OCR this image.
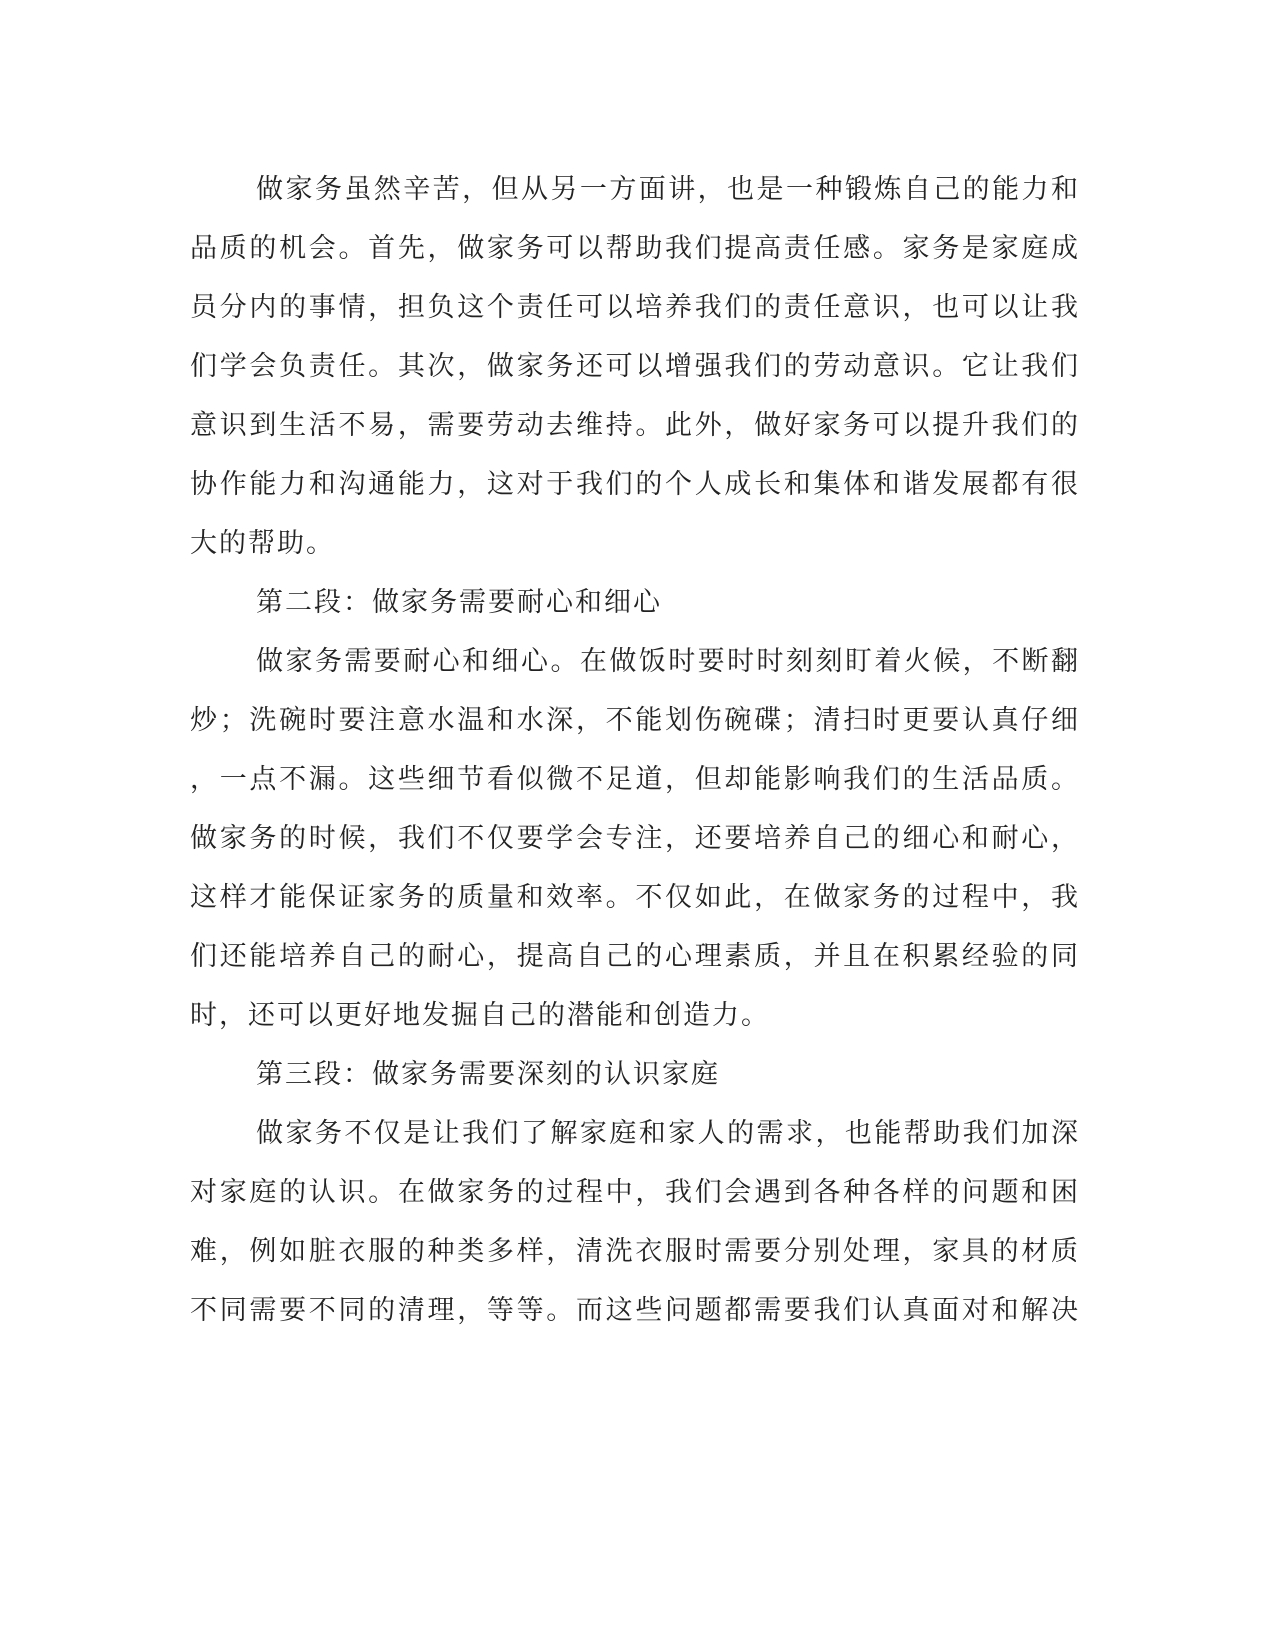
做家务虽然辛苦，但从另一方面讲，也是一种锻炼自己的能力和
品质的机会。首先，做家务可以帮助我们提高责任感。家务是家庭成
员分内的事情，担负这个责任可以培养我们的责任意识，也可以让我
们学会负责任。其次，做家务还可以增强我们的劳动意识。它让我们
意识到生活不易，需要劳动去维持。此外，做好家务可以提升我们的
协作能力和沟通能力，这对于我们的个人成长和集体和谐发展都有很
大的帮助。
第二段：做家务需要耐心和细心
做家务需要耐心和细心。在做饭时要时时刻刻盯着火候，不断翻
炒；洗碗时要注意水温和水深，不能划伤碗碟；清扫时更要认真仔细
，一点不漏。这些细节看似微不足道，但却能影响我们的生活品质。
做家务的时候，我们不仅要学会专注，还要培养自己的细心和耐心，
这样才能保证家务的质量和效率。不仅如此，在做家务的过程中，我
们还能培养自己的耐心，提高自己的心理素质，并且在积累经验的同
时，还可以更好地发掘自己的潜能和创造力。
第三段：做家务需要深刻的认识家庭
做家务不仅是让我们了解家庭和家人的需求，也能帮助我们加深
对家庭的认识。在做家务的过程中，我们会遇到各种各样的问题和困
难，例如脏衣服的种类多样，清洗衣服时需要分别处理，家具的材质
不同需要不同的清理，等等。而这些问题都需要我们认真面对和解决
